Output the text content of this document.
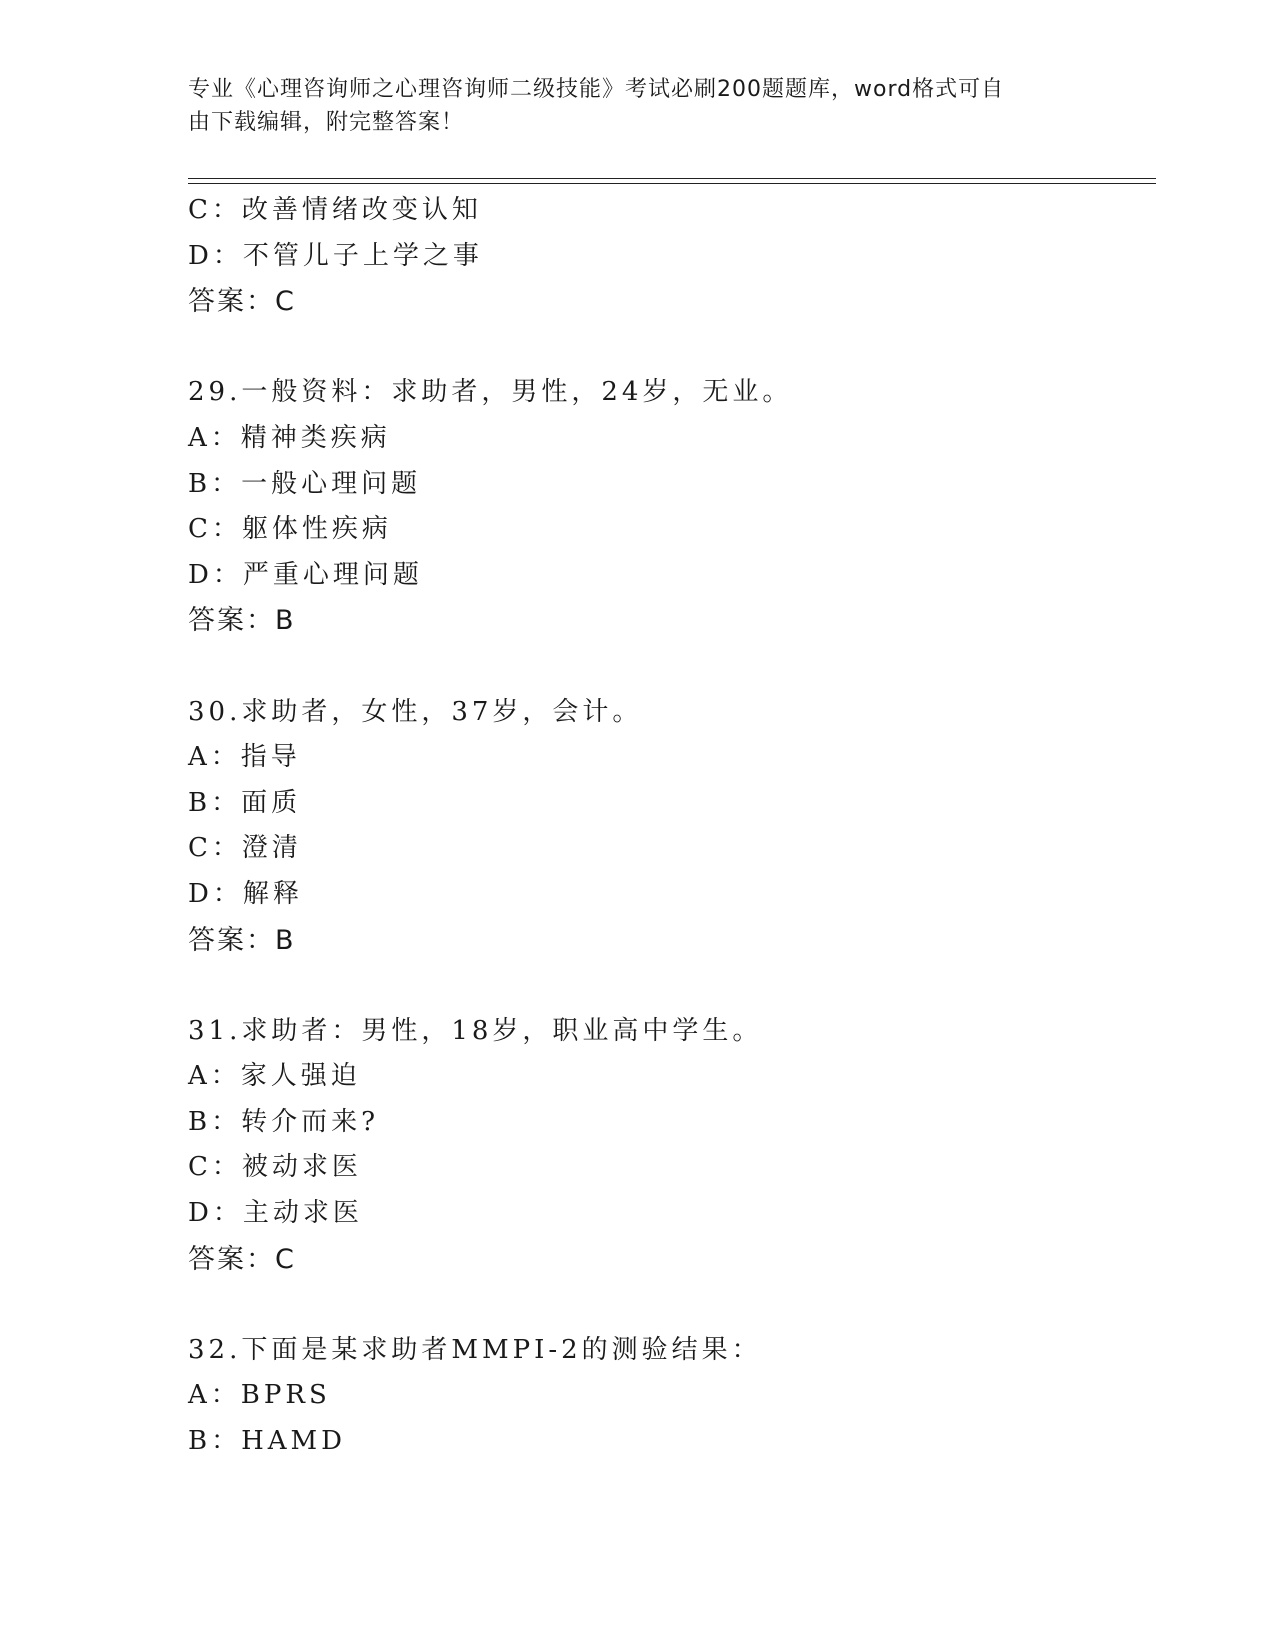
专业《心理咨询师之心理咨询师二级技能》考试必刷200题题库，word格式可自
由下载编辑，附完整答案！
C：改善情绪改变认知
D：不管儿子上学之事
答案：C
29.一般资料：求助者，男性，24岁，无业。
A：精神类疾病
B：一般心理问题
C：躯体性疾病
D：严重心理问题
答案：B
30.求助者，女性，37岁，会计。
A：指导
B：面质
C：澄清
D：解释
答案：B
31.求助者：男性，18岁，职业高中学生。
A：家人强迫
B：转介而来?
C：被动求医
D：主动求医
答案：C
32.下面是某求助者MMPI-2的测验结果：
A：BPRS
B：HAMD
